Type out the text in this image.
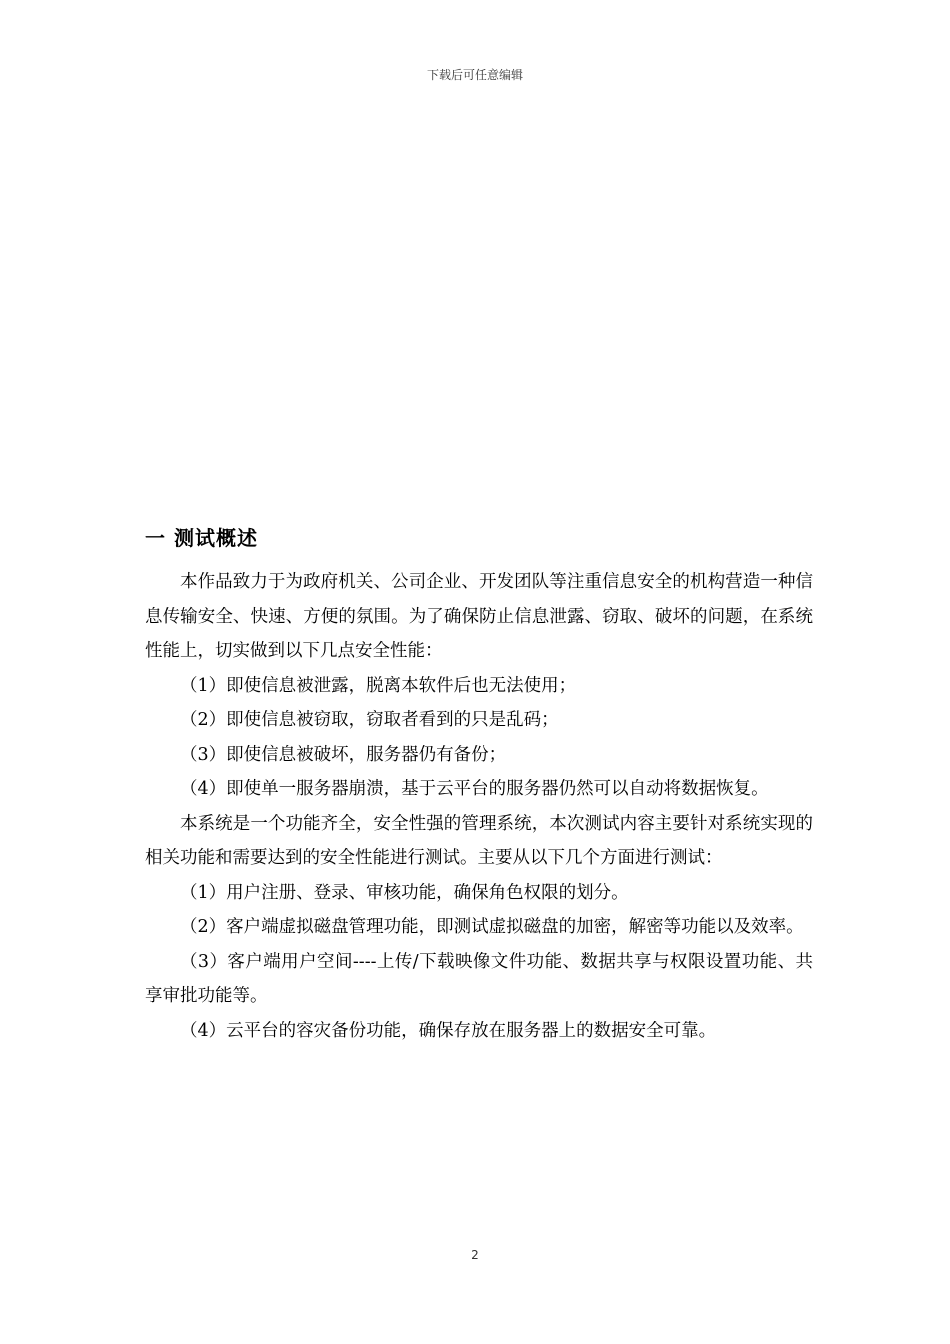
下载后可任意编辑
一 测试概述

本作品致力于为政府机关、公司企业、开发团队等注重信息安全的机构营造一种信息传输安全、快速、方便的氛围。为了确保防止信息泄露、窃取、破坏的问题，在系统性能上，切实做到以下几点安全性能：

（1）即使信息被泄露，脱离本软件后也无法使用；

（2）即使信息被窃取，窃取者看到的只是乱码；

（3）即使信息被破坏，服务器仍有备份；

（4）即使单一服务器崩溃，基于云平台的服务器仍然可以自动将数据恢复。

本系统是一个功能齐全，安全性强的管理系统，本次测试内容主要针对系统实现的相关功能和需要达到的安全性能进行测试。主要从以下几个方面进行测试：

（1）用户注册、登录、审核功能，确保角色权限的划分。

（2）客户端虚拟磁盘管理功能，即测试虚拟磁盘的加密，解密等功能以及效率。

（3）客户端用户空间----上传/下载映像文件功能、数据共享与权限设置功能、共享审批功能等。

（4）云平台的容灾备份功能，确保存放在服务器上的数据安全可靠。

2
